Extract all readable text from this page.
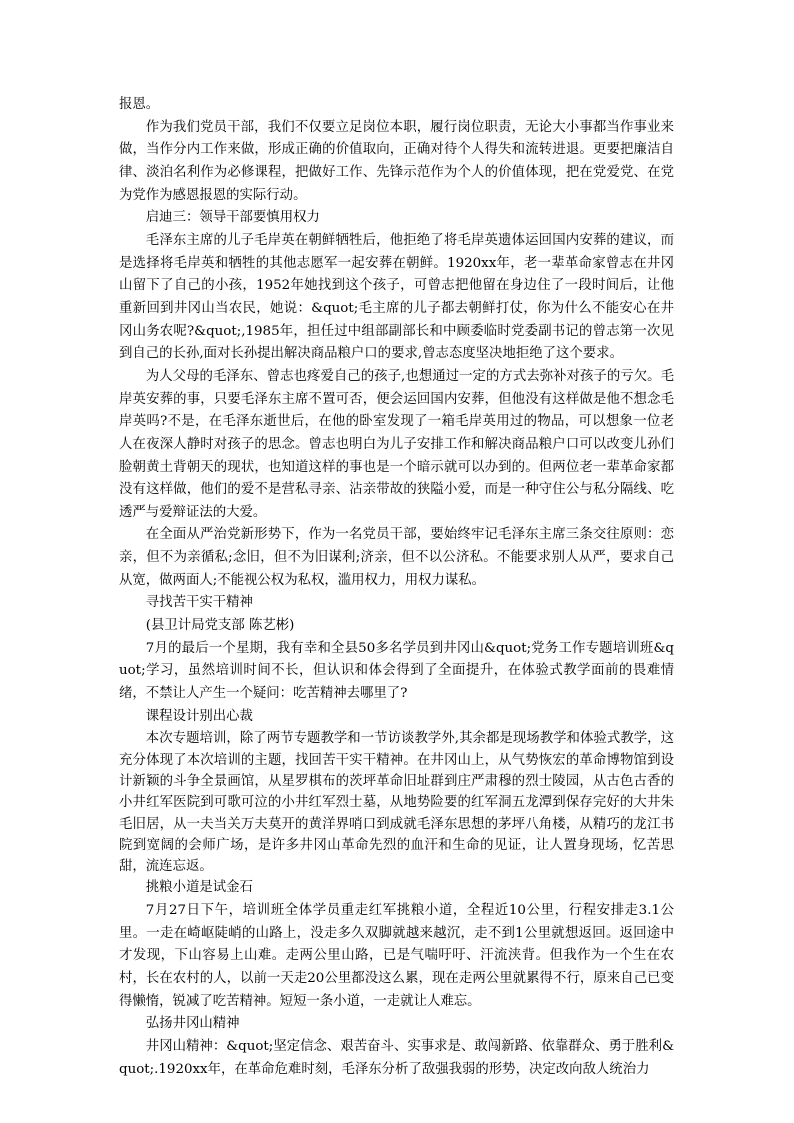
报恩。

作为我们党员干部，我们不仅要立足岗位本职，履行岗位职责，无论大小事都当作事业来做，当作分内工作来做，形成正确的价值取向，正确对待个人得失和流转进退。更要把廉洁自律、淡泊名利作为必修课程，把做好工作、先锋示范作为个人的价值体现，把在党爱党、在党为党作为感恩报恩的实际行动。

启迪三：领导干部要慎用权力

毛泽东主席的儿子毛岸英在朝鲜牺牲后，他拒绝了将毛岸英遗体运回国内安葬的建议，而是选择将毛岸英和牺牲的其他志愿军一起安葬在朝鲜。1920xx年，老一辈革命家曾志在井冈山留下了自己的小孩，1952年她找到这个孩子，可曾志把他留在身边住了一段时间后，让他重新回到井冈山当农民，她说：&quot;毛主席的儿子都去朝鲜打仗，你为什么不能安心在井冈山务农呢?&quot;,1985年，担任过中组部副部长和中顾委临时党委副书记的曾志第一次见到自己的长孙,面对长孙提出解决商品粮户口的要求,曾志态度坚决地拒绝了这个要求。

为人父母的毛泽东、曾志也疼爱自己的孩子,也想通过一定的方式去弥补对孩子的亏欠。毛岸英安葬的事，只要毛泽东主席不置可否，便会运回国内安葬，但他没有这样做是他不想念毛岸英吗?不是，在毛泽东逝世后，在他的卧室发现了一箱毛岸英用过的物品，可以想象一位老人在夜深人静时对孩子的思念。曾志也明白为儿子安排工作和解决商品粮户口可以改变儿孙们脸朝黄土背朝天的现状，也知道这样的事也是一个暗示就可以办到的。但两位老一辈革命家都没有这样做，他们的爱不是营私寻亲、沾亲带故的狭隘小爱，而是一种守住公与私分隔线、吃透严与爱辩证法的大爱。

在全面从严治党新形势下，作为一名党员干部，要始终牢记毛泽东主席三条交往原则：恋亲，但不为亲循私;念旧，但不为旧谋利;济亲，但不以公济私。不能要求别人从严，要求自己从宽，做两面人;不能视公权为私权，滥用权力，用权力谋私。

寻找苦干实干精神

(县卫计局党支部 陈艺彬)

7月的最后一个星期，我有幸和全县50多名学员到井冈山&quot;党务工作专题培训班&quot;学习，虽然培训时间不长，但认识和体会得到了全面提升，在体验式教学面前的畏难情绪，不禁让人产生一个疑问：吃苦精神去哪里了?

课程设计别出心裁

本次专题培训，除了两节专题教学和一节访谈教学外,其余都是现场教学和体验式教学，这充分体现了本次培训的主题，找回苦干实干精神。在井冈山上，从气势恢宏的革命博物馆到设计新颖的斗争全景画馆，从星罗棋布的茨坪革命旧址群到庄严肃穆的烈士陵园，从古色古香的小井红军医院到可歌可泣的小井红军烈士墓，从地势险要的红军洞五龙潭到保存完好的大井朱毛旧居，从一夫当关万夫莫开的黄洋界哨口到成就毛泽东思想的茅坪八角楼，从精巧的龙江书院到宽阔的会师广场，是许多井冈山革命先烈的血汗和生命的见证，让人置身现场，忆苦思甜，流连忘返。

挑粮小道是试金石

7月27日下午，培训班全体学员重走红军挑粮小道，全程近10公里，行程安排走3.1公里。一走在崎岖陡峭的山路上，没走多久双脚就越来越沉，走不到1公里就想返回。返回途中才发现，下山容易上山难。走两公里山路，已是气喘吁吁、汗流浃背。但我作为一个生在农村，长在农村的人，以前一天走20公里都没这么累，现在走两公里就累得不行，原来自己已变得懒惰，锐减了吃苦精神。短短一条小道，一走就让人难忘。

弘扬井冈山精神

井冈山精神：&quot;坚定信念、艰苦奋斗、实事求是、敢闯新路、依靠群众、勇于胜利&quot;.1920xx年，在革命危难时刻，毛泽东分析了敌强我弱的形势，决定改向敌人统治力
